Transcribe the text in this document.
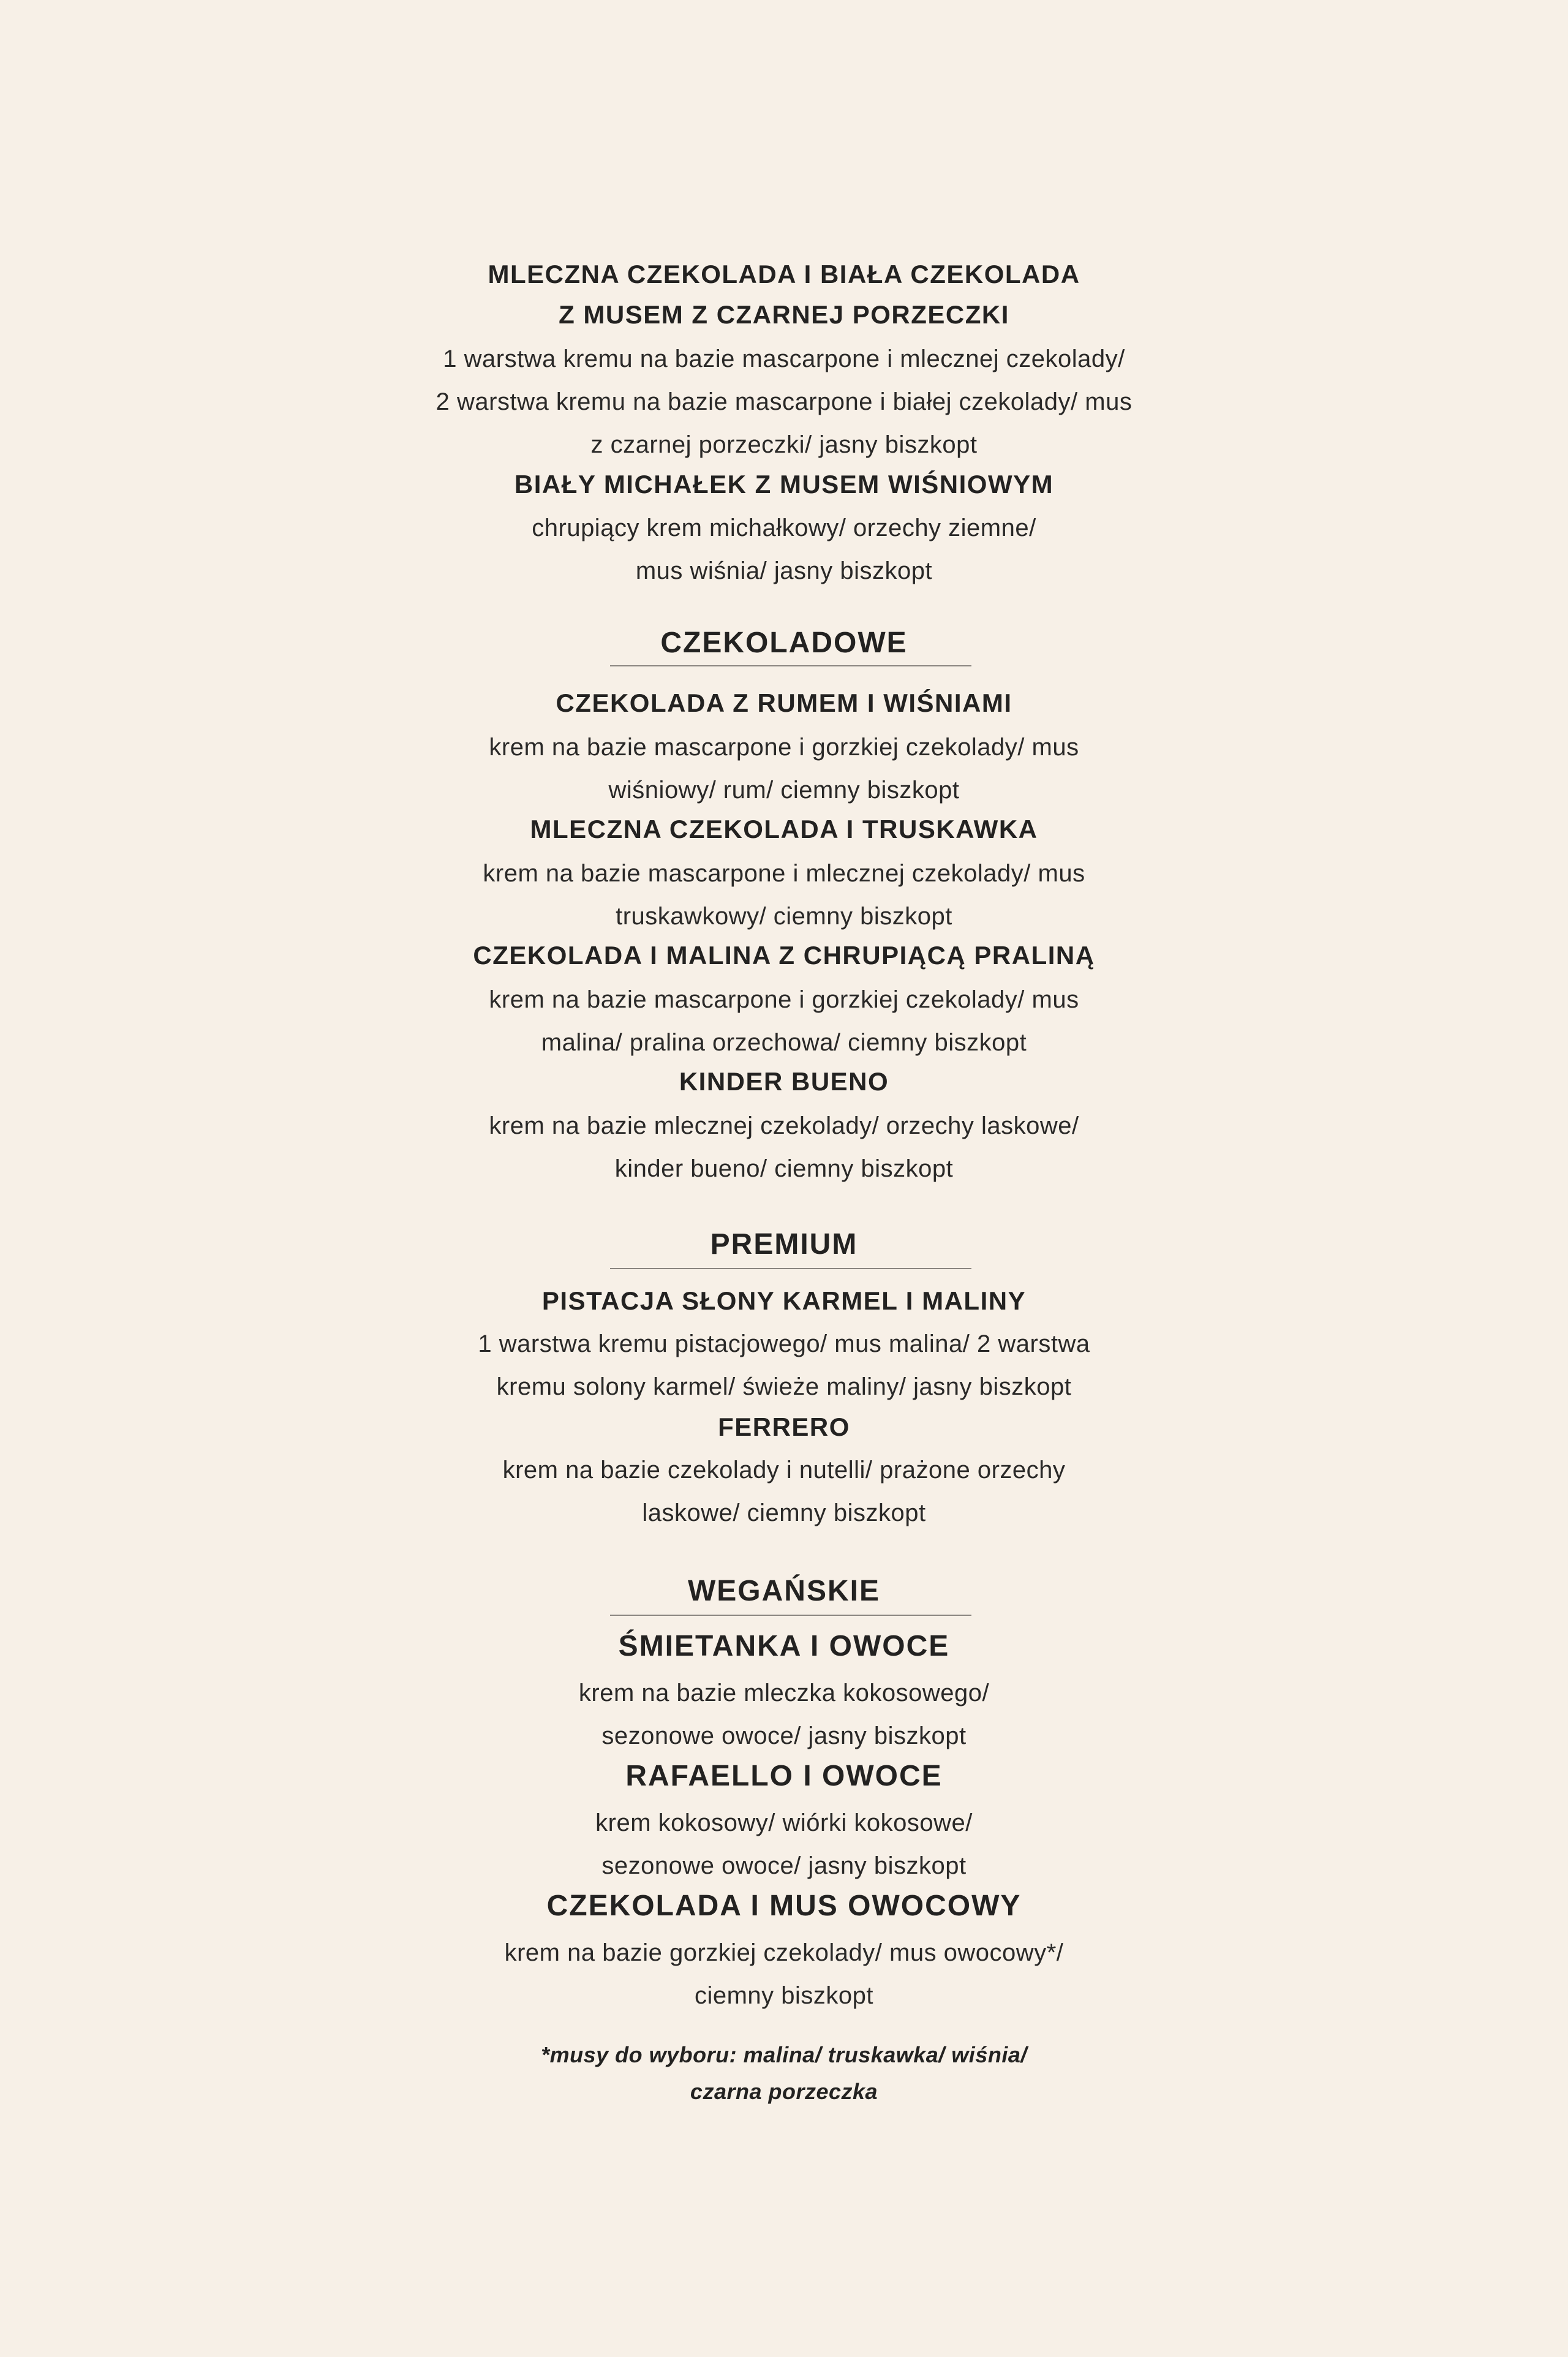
MLECZNA CZEKOLADA I BIAŁA CZEKOLADA
Z MUSEM Z CZARNEJ PORZECZKI
1 warstwa kremu na bazie mascarpone i mlecznej czekolady/
2 warstwa kremu na bazie mascarpone i białej czekolady/ mus
z czarnej porzeczki/ jasny biszkopt
BIAŁY MICHAŁEK Z MUSEM WIŚNIOWYM
chrupiący krem michałkowy/ orzechy ziemne/
mus wiśnia/ jasny biszkopt
CZEKOLADOWE
CZEKOLADA Z RUMEM I WIŚNIAMI
krem na bazie mascarpone i gorzkiej czekolady/ mus
wiśniowy/ rum/ ciemny biszkopt
MLECZNA CZEKOLADA I TRUSKAWKA
krem na bazie mascarpone i mlecznej czekolady/ mus
truskawkowy/ ciemny biszkopt
CZEKOLADA I MALINA Z CHRUPIĄCĄ PRALINĄ
krem na bazie mascarpone i gorzkiej czekolady/ mus
malina/ pralina orzechowa/ ciemny biszkopt
KINDER BUENO
krem na bazie mlecznej czekolady/ orzechy laskowe/
kinder bueno/ ciemny biszkopt
PREMIUM
PISTACJA SŁONY KARMEL I MALINY
1 warstwa kremu pistacjowego/ mus malina/ 2 warstwa
kremu solony karmel/ świeże maliny/ jasny biszkopt
FERRERO
krem na bazie czekolady i nutelli/ prażone orzechy
laskowe/ ciemny biszkopt
WEGAŃSKIE
ŚMIETANKA I OWOCE
krem na bazie mleczka kokosowego/
sezonowe owoce/ jasny biszkopt
RAFAELLO I OWOCE
krem kokosowy/ wiórki kokosowe/
sezonowe owoce/ jasny biszkopt
CZEKOLADA I MUS OWOCOWY
krem na bazie gorzkiej czekolady/ mus owocowy*/
ciemny biszkopt
*musy do wyboru: malina/ truskawka/ wiśnia/
czarna porzeczka
